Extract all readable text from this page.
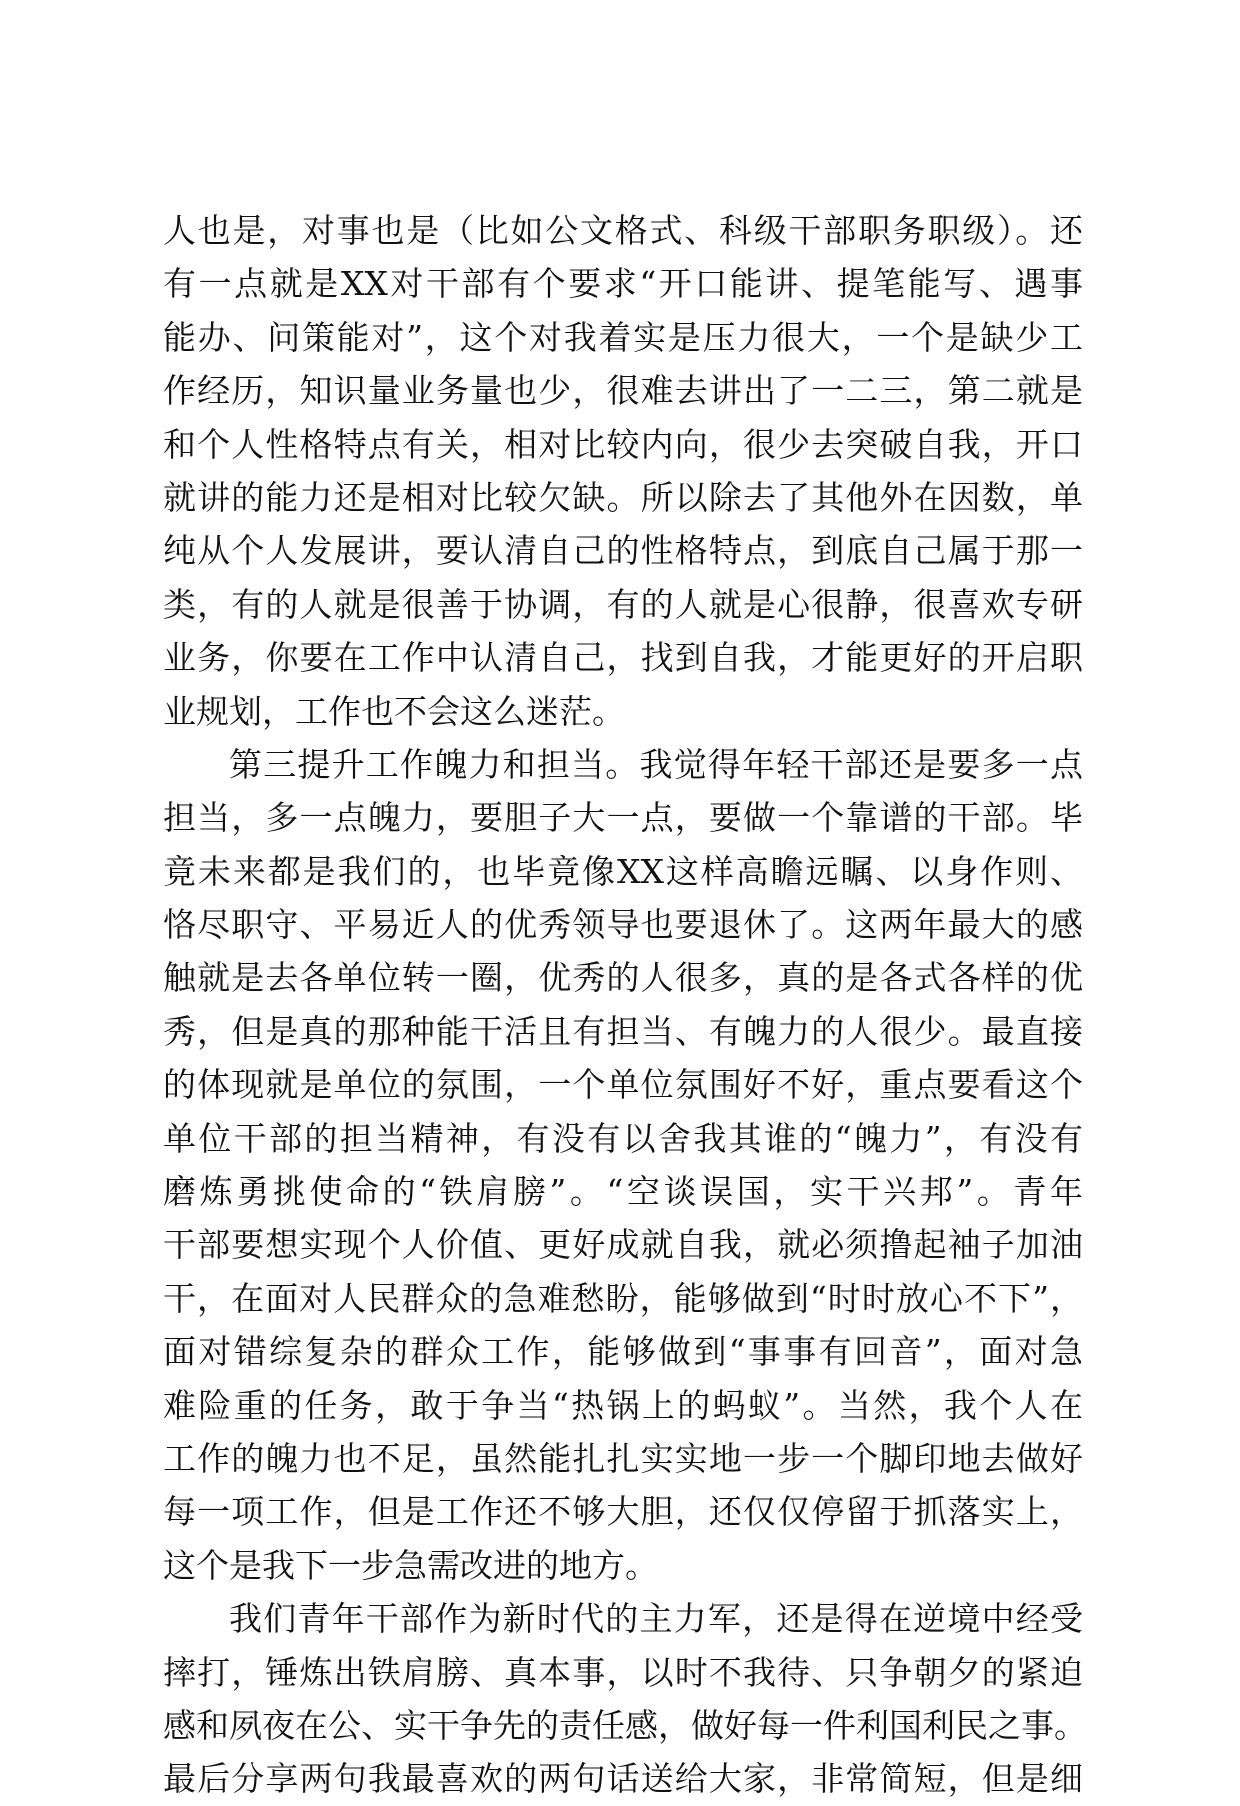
人也是，对事也是（比如公文格式、科级干部职务职级）。还
有一点就是XX对干部有个要求“开口能讲、提笔能写、遇事
能办、问策能对”，这个对我着实是压力很大，一个是缺少工
作经历，知识量业务量也少，很难去讲出了一二三，第二就是
和个人性格特点有关，相对比较内向，很少去突破自我，开口
就讲的能力还是相对比较欠缺。所以除去了其他外在因数，单
纯从个人发展讲，要认清自己的性格特点，到底自己属于那一
类，有的人就是很善于协调，有的人就是心很静，很喜欢专研
业务，你要在工作中认清自己，找到自我，才能更好的开启职
业规划，工作也不会这么迷茫。
第三提升工作魄力和担当。我觉得年轻干部还是要多一点
担当，多一点魄力，要胆子大一点，要做一个靠谱的干部。毕
竟未来都是我们的，也毕竟像XX这样高瞻远瞩、以身作则、
恪尽职守、平易近人的优秀领导也要退休了。这两年最大的感
触就是去各单位转一圈，优秀的人很多，真的是各式各样的优
秀，但是真的那种能干活且有担当、有魄力的人很少。最直接
的体现就是单位的氛围，一个单位氛围好不好，重点要看这个
单位干部的担当精神，有没有以舍我其谁的“魄力”，有没有
磨炼勇挑使命的“铁肩膀”。“空谈误国，实干兴邦”。青年
干部要想实现个人价值、更好成就自我，就必须撸起袖子加油
干，在面对人民群众的急难愁盼，能够做到“时时放心不下”，
面对错综复杂的群众工作，能够做到“事事有回音”，面对急
难险重的任务，敢于争当“热锅上的蚂蚁”。当然，我个人在
工作的魄力也不足，虽然能扎扎实实地一步一个脚印地去做好
每一项工作，但是工作还不够大胆，还仅仅停留于抓落实上，
这个是我下一步急需改进的地方。
我们青年干部作为新时代的主力军，还是得在逆境中经受
摔打，锤炼出铁肩膀、真本事，以时不我待、只争朝夕的紧迫
感和夙夜在公、实干争先的责任感，做好每一件利国利民之事。
最后分享两句我最喜欢的两句话送给大家，非常简短，但是细
